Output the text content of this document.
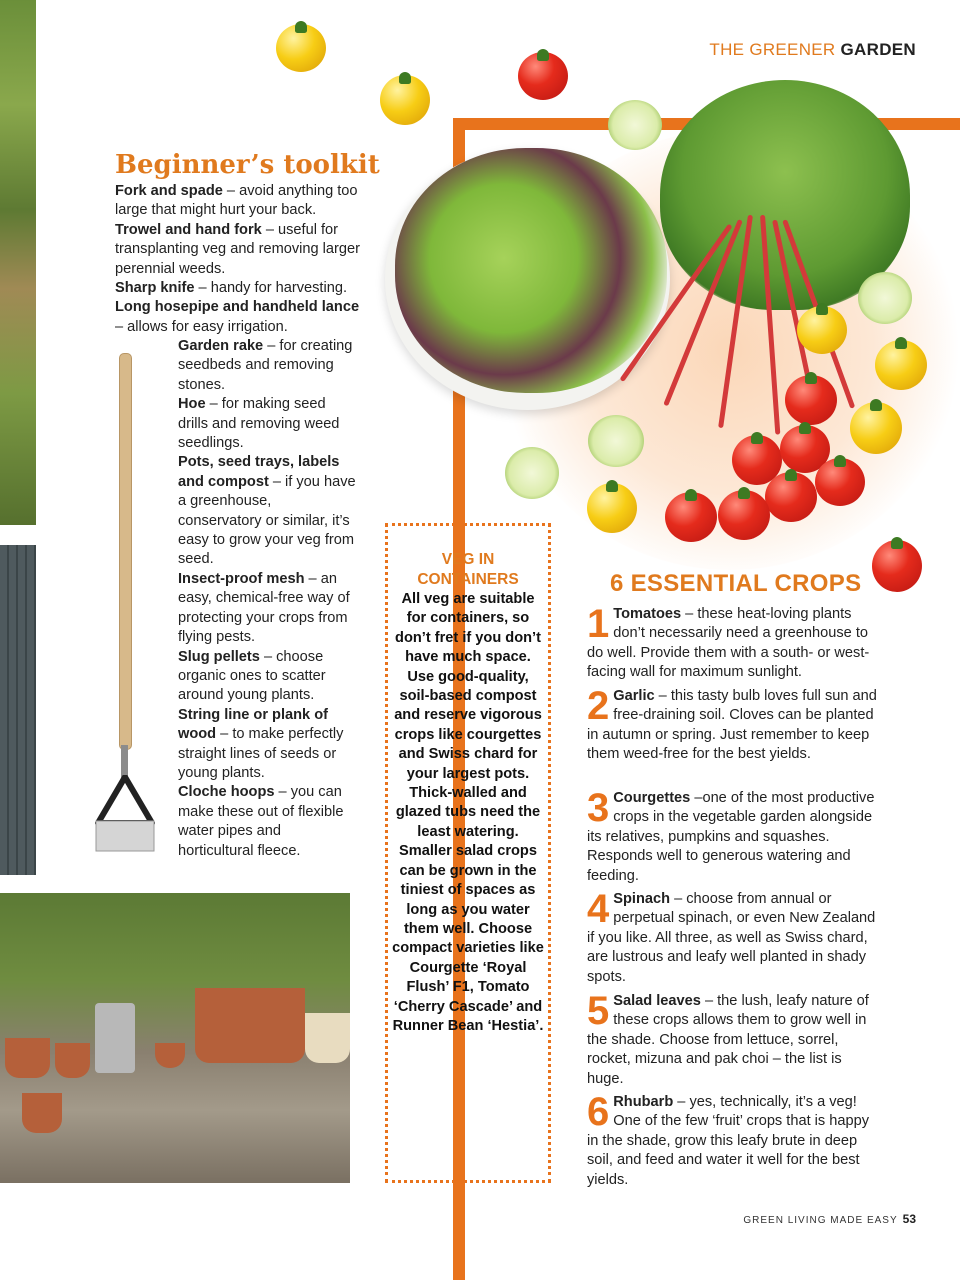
THE GREENER GARDEN
Beginner’s toolkit
Fork and spade – avoid anything too large that might hurt your back.
Trowel and hand fork – useful for transplanting veg and removing larger perennial weeds.
Sharp knife – handy for harvesting.
Long hosepipe and handheld lance – allows for easy irrigation.
Garden rake – for creating seedbeds and removing stones.
Hoe – for making seed drills and removing weed seedlings.
Pots, seed trays, labels and compost – if you have a greenhouse, conservatory or similar, it’s easy to grow your veg from seed.
Insect-proof mesh – an easy, chemical-free way of protecting your crops from flying pests.
Slug pellets – choose organic ones to scatter around young plants.
String line or plank of wood – to make perfectly straight lines of seeds or young plants.
Cloche hoops – you can make these out of flexible water pipes and horticultural fleece.
VEG IN
CONTAINERS
All veg are suitable for containers, so don’t fret if you don’t have much space. Use good-quality, soil-based compost and reserve vigorous crops like courgettes and Swiss chard for your largest pots. Thick-walled and glazed tubs need the least watering. Smaller salad crops can be grown in the tiniest of spaces as long as you water them well. Choose compact varieties like Courgette ‘Royal Flush’ F1, Tomato ‘Cherry Cascade’ and Runner Bean ‘Hestia’.
6 ESSENTIAL CROPS
1 Tomatoes – these heat-loving plants don’t necessarily need a greenhouse to do well. Provide them with a south- or west-facing wall for maximum sunlight.
2 Garlic – this tasty bulb loves full sun and free-draining soil. Cloves can be planted in autumn or spring. Just remember to keep them weed-free for the best yields.
3 Courgettes –one of the most productive crops in the vegetable garden alongside its relatives, pumpkins and squashes. Responds well to generous watering and feeding.
4 Spinach – choose from annual or perpetual spinach, or even New Zealand if you like. All three, as well as Swiss chard, are lustrous and leafy well planted in shady spots.
5 Salad leaves – the lush, leafy nature of these crops allows them to grow well in the shade. Choose from lettuce, sorrel, rocket, mizuna and pak choi – the list is huge.
6 Rhubarb – yes, technically, it’s a veg! One of the few ‘fruit’ crops that is happy in the shade, grow this leafy brute in deep soil, and feed and water it well for the best yields.
GREEN LIVING MADE EASY 53
